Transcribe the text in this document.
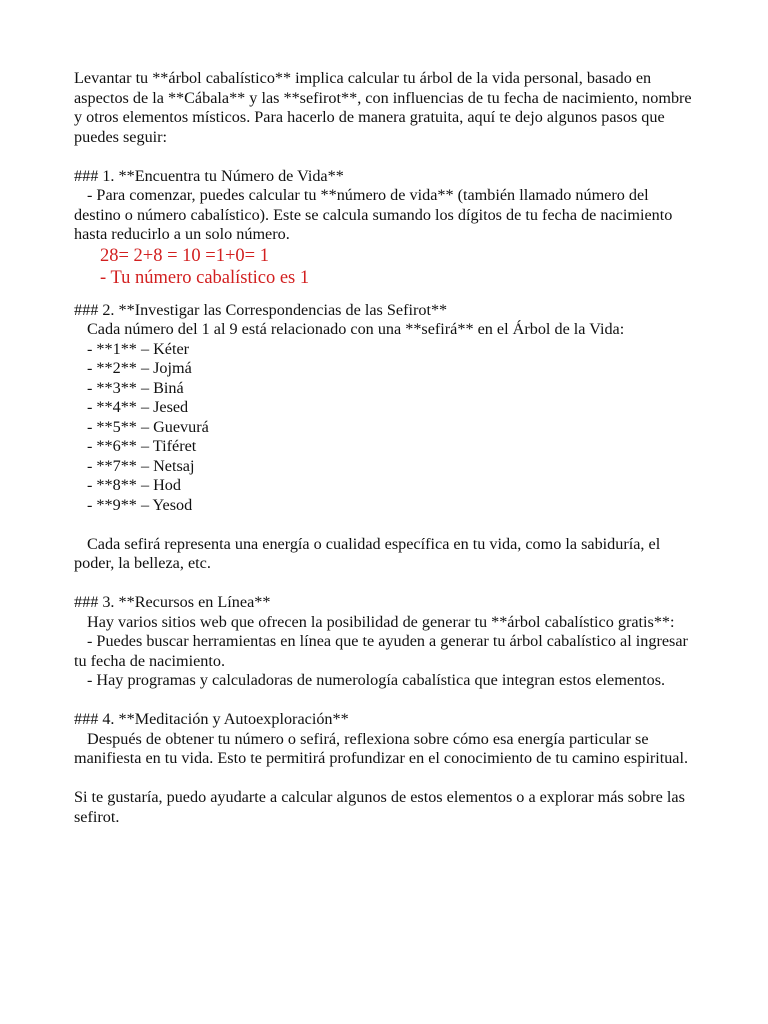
Levantar tu **árbol cabalístico** implica calcular tu árbol de la vida personal, basado en aspectos de la **Cábala** y las **sefirot**, con influencias de tu fecha de nacimiento, nombre y otros elementos místicos. Para hacerlo de manera gratuita, aquí te dejo algunos pasos que puedes seguir:

### 1. **Encuentra tu Número de Vida**

- Para comenzar, puedes calcular tu **número de vida** (también llamado número del destino o número cabalístico). Este se calcula sumando los dígitos de tu fecha de nacimiento hasta reducirlo a un solo número.

28= 2+8 = 10 =1+0= 1

- Tu número cabalístico es 1

### 2. **Investigar las Correspondencias de las Sefirot**

Cada número del 1 al 9 está relacionado con una **sefirá** en el Árbol de la Vida:

- **1** – Kéter

- **2** – Jojmá

- **3** – Biná

- **4** – Jesed

- **5** – Guevurá

- **6** – Tiféret

- **7** – Netsaj

- **8** – Hod

- **9** – Yesod

Cada sefirá representa una energía o cualidad específica en tu vida, como la sabiduría, el poder, la belleza, etc.

### 3. **Recursos en Línea**

Hay varios sitios web que ofrecen la posibilidad de generar tu **árbol cabalístico gratis**:

- Puedes buscar herramientas en línea que te ayuden a generar tu árbol cabalístico al ingresar tu fecha de nacimiento.

- Hay programas y calculadoras de numerología cabalística que integran estos elementos.

### 4. **Meditación y Autoexploración**

Después de obtener tu número o sefirá, reflexiona sobre cómo esa energía particular se manifiesta en tu vida. Esto te permitirá profundizar en el conocimiento de tu camino espiritual.

Si te gustaría, puedo ayudarte a calcular algunos de estos elementos o a explorar más sobre las sefirot.
